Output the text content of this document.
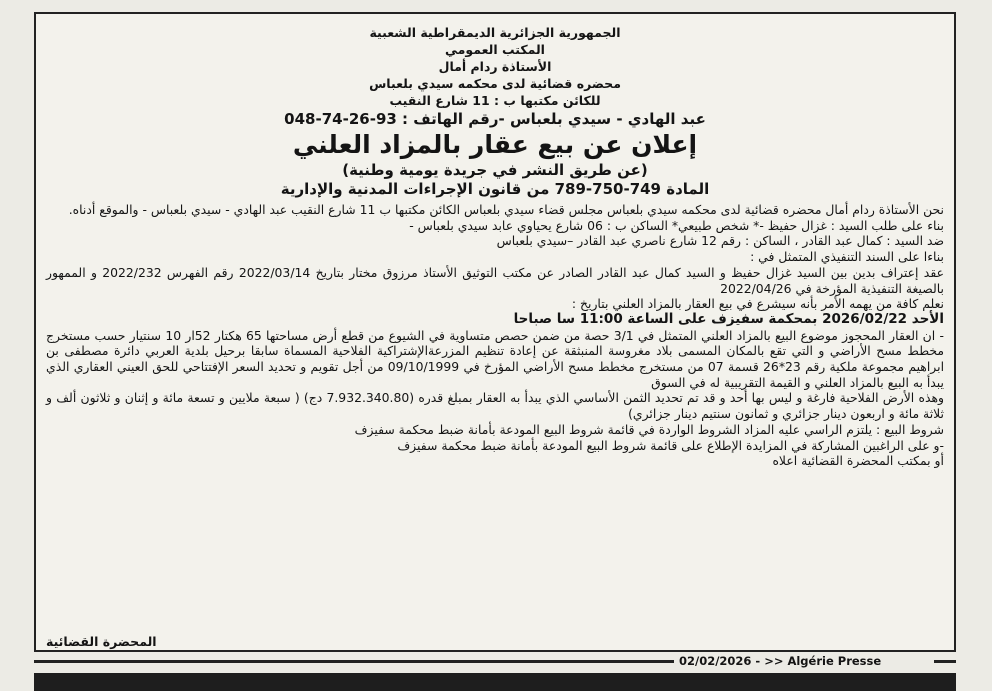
الجمهورية الجزائرية الديمقراطية الشعبية
المكتب العمومي
الأستاذة ردام أمال
محضره قضائية لدى محكمه سيدي بلعباس
للكائن مكتبها ب : 11 شارع النقيب
عبد الهادي - سيدي بلعباس -رقم الهاتف : 93-26-74-048
إعلان عن بيع عقار بالمزاد العلني
(عن طريق النشر في جريدة يومية وطنية)
المادة 749-750-789 من قانون الإجراءات المدنية والإدارية

نحن الأستاذة ردام أمال محضره قضائية لدى محكمه سيدي بلعباس مجلس قضاء سيدي بلعباس الكائن مكتبها ب 11 شارع النقيب عبد الهادي - سيدي بلعباس - والموقع أدناه.

بناء على طلب السيد : غزال حفيظ -* شخص طبيعي* الساكن ب : 06 شارع يحياوي عابد سيدي بلعباس -

ضد السيد : كمال عبد القادر ، الساكن : رقم 12 شارع ناصري عبد القادر –سيدي بلعباس

بناءا على السند التنفيذي المتمثل في :

عقد إعتراف بدين بين السيد غزال حفيظ و السيد كمال عبد القادر الصادر عن مكتب التوثيق الأستاذ مرزوق مختار بتاريخ 2022/03/14 رقم الفهرس 2022/232 و الممهور بالصيغة التنفيذية المؤرخة في 2022/04/26

نعلم كافة من يهمه الأمر بأنه سيشرع في بيع العقار بالمزاد العلني بتاريخ :

الأحد 2026/02/22 بمحكمة سفيزف على الساعة 11:00 سا صباحا

- ان العقار المحجوز موضوع البيع بالمزاد العلني المتمثل في 3/1 حصة من ضمن حصص متساوية في الشيوع من قطع أرض مساحتها 65 هكتار 52ار 10 سنتيار حسب مستخرج مخطط مسح الأراضي و التي تقع بالمكان المسمى بلاد مغروسة المنبثقة عن إعادة تنظيم المزرعةالإشتراكية الفلاحية المسماة سابقا برحيل بلدية العربي دائرة مصطفى بن ابراهيم مجموعة ملكية رقم 23*26 قسمة 07 من مستخرج مخطط مسح الأراضي المؤرخ في 09/10/1999 من أجل تقويم و تحديد السعر الإفتتاحي للحق العيني العقاري الذي يبدأ به البيع بالمزاد العلني و القيمة التقريبية له في السوق

وهذه الأرض الفلاحية فارغة و ليس بها أحد و قد تم تحديد الثمن الأساسي الذي يبدأ به العقار بمبلغ قدره (7.932.340.80 دج) ( سبعة ملايين و تسعة مائة و إثنان و ثلاثون ألف و ثلاثة مائة و اربعون دينار جزائري و ثمانون سنتيم دينار جزائري)

شروط البيع : يلتزم الراسي عليه المزاد الشروط الواردة في قائمة شروط البيع المودعة بأمانة ضبط محكمة سفيزف

-و على الراغبين المشاركة في المزايدة الإطلاع على قائمة شروط البيع المودعة بأمانة ضبط محكمة سفيزف

أو بمكتب المحضرة القضائية اعلاه

المحضرة القضائية
02/02/2026 - >> Algérie Presse
